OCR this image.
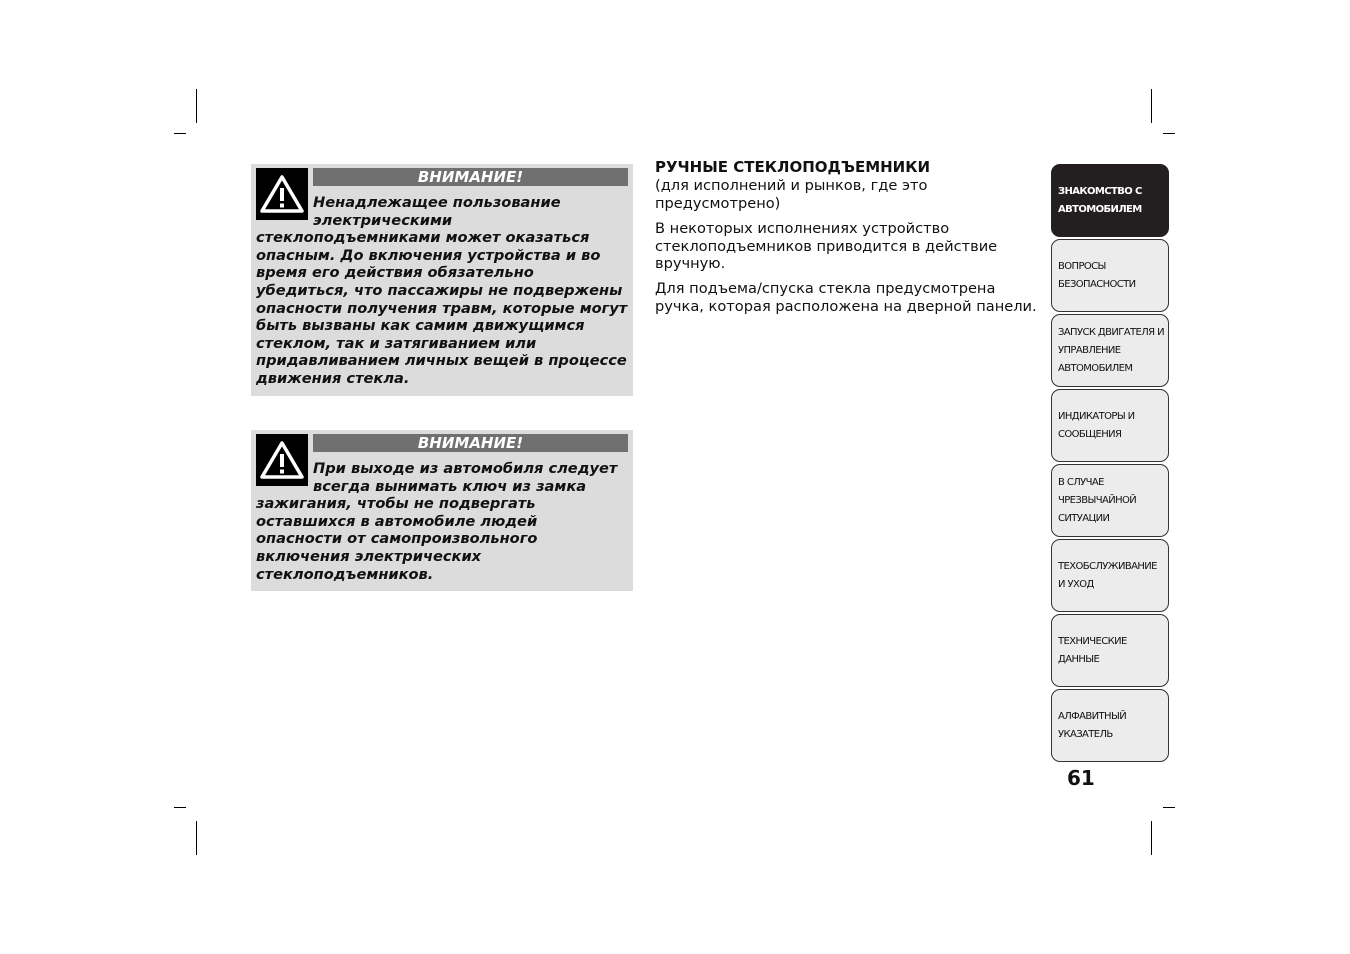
ВНИМАНИЕ!
Ненадлежащее пользование электрическими стеклоподъемниками может оказаться опасным. До включения устройства и во время его действия обязательно убедиться, что пассажиры не подвержены опасности получения травм, которые могут быть вызваны как самим движущимся стеклом, так и затягиванием или придавливанием личных вещей в процессе движения стекла.
ВНИМАНИЕ!
При выходе из автомобиля следует всегда вынимать ключ из замка зажигания, чтобы не подвергать оставшихся в автомобиле людей опасности от самопроизвольного включения электрических стеклоподъемников.
РУЧНЫЕ СТЕКЛОПОДЪЕМНИКИ

(для исполнений и рынков, где это предусмотрено)

В некоторых исполнениях устройство стеклоподъемников приводится в действие вручную.

Для подъема/спуска стекла предусмотрена ручка, которая расположена на дверной панели.

ЗНАКОМСТВО С
АВТОМОБИЛЕМ
ВОПРОСЫ
БЕЗОПАСНОСТИ
ЗАПУСК ДВИГАТЕЛЯ И
УПРАВЛЕНИЕ
АВТОМОБИЛЕМ
ИНДИКАТОРЫ И
СООБЩЕНИЯ
В СЛУЧАЕ
ЧРЕЗВЫЧАЙНОЙ
СИТУАЦИИ
ТЕХОБСЛУЖИВАНИЕ
И УХОД
ТЕХНИЧЕСКИЕ
ДАННЫЕ
АЛФАВИТНЫЙ
УКАЗАТЕЛЬ
61
